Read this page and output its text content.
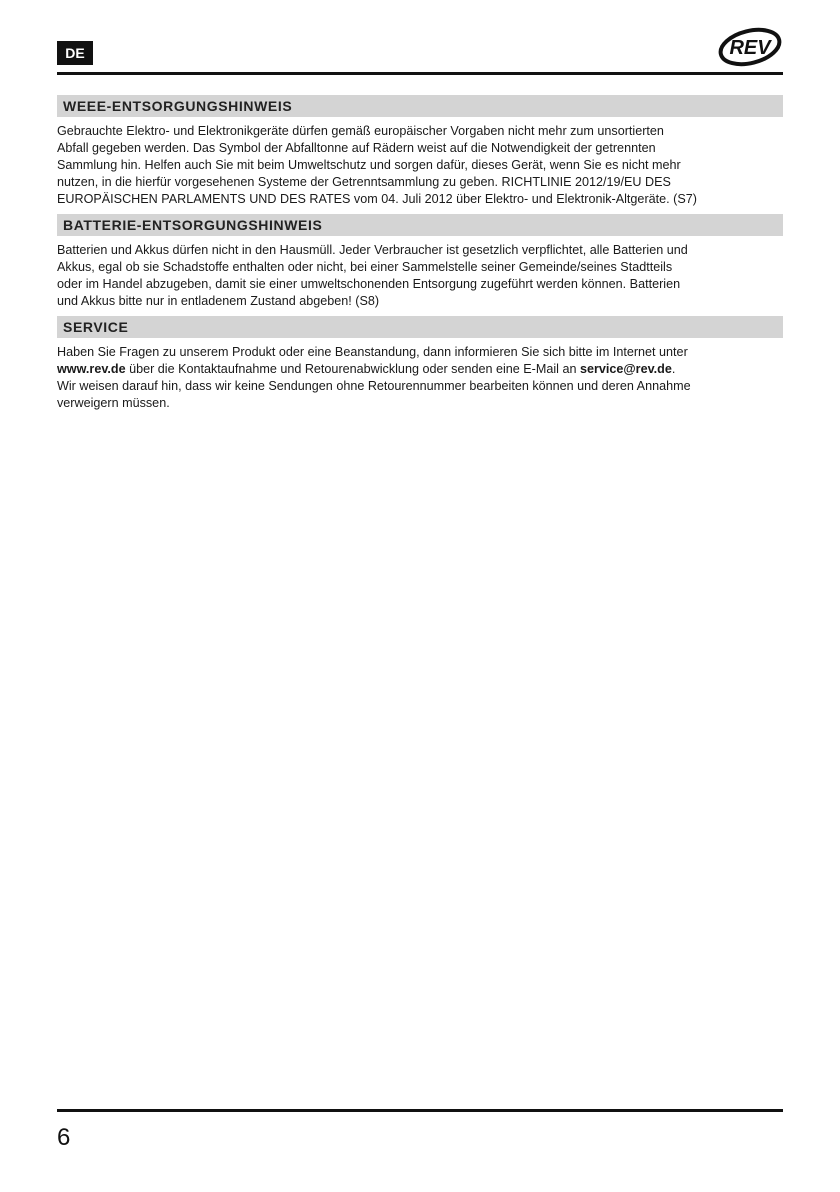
DE	REV
WEEE-ENTSORGUNGSHINWEIS
Gebrauchte Elektro- und Elektronikgeräte dürfen gemäß europäischer Vorgaben nicht mehr zum unsortierten
Abfall gegeben werden. Das Symbol der Abfalltonne auf Rädern weist auf die Notwendigkeit der getrennten
Sammlung hin. Helfen auch Sie mit beim Umweltschutz und sorgen dafür, dieses Gerät, wenn Sie es nicht mehr
nutzen, in die hierfür vorgesehenen Systeme der Getrenntsammlung zu geben. RICHTLINIE 2012/19/EU DES
EUROPÄISCHEN PARLAMENTS UND DES RATES vom 04. Juli 2012 über Elektro- und Elektronik-Altgeräte. (S7)
BATTERIE-ENTSORGUNGSHINWEIS
Batterien und Akkus dürfen nicht in den Hausmüll. Jeder Verbraucher ist gesetzlich verpflichtet, alle Batterien und
Akkus, egal ob sie Schadstoffe enthalten oder nicht, bei einer Sammelstelle seiner Gemeinde/seines Stadtteils
oder im Handel abzugeben, damit sie einer umweltschonenden Entsorgung zugeführt werden können. Batterien
und Akkus bitte nur in entladenem Zustand abgeben! (S8)
SERVICE
Haben Sie Fragen zu unserem Produkt oder eine Beanstandung, dann informieren Sie sich bitte im Internet unter
www.rev.de über die Kontaktaufnahme und Retourenabwicklung oder senden eine E-Mail an service@rev.de.
Wir weisen darauf hin, dass wir keine Sendungen ohne Retourennummer bearbeiten können und deren Annahme
verweigern müssen.
6
